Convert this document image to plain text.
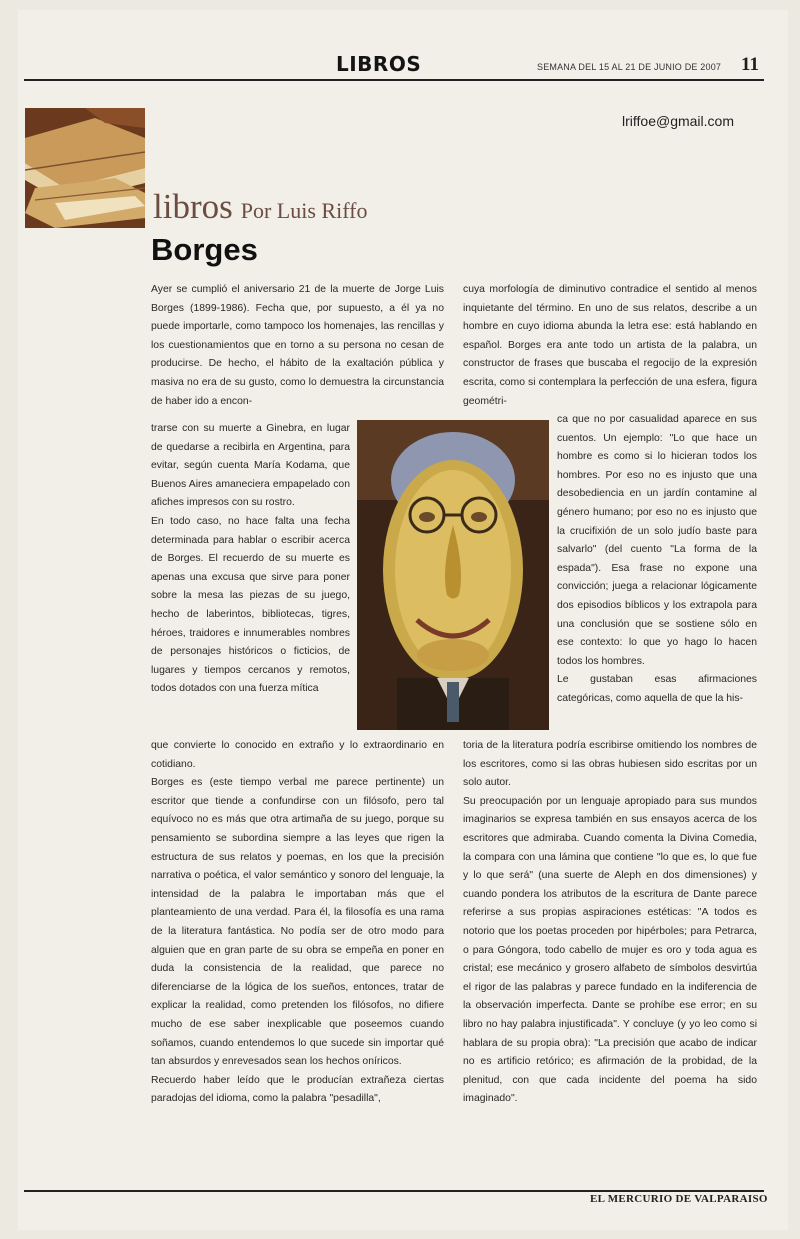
LIBROS	SEMANA DEL 15 AL 21 DE JUNIO DE 2007 11
lriffoe@gmail.com
libros Por Luis Riffo
Borges

Ayer se cumplió el aniversario 21 de la muerte de Jorge Luis Borges (1899-1986). Fecha que, por supuesto, a él ya no puede importarle, como tampoco los homenajes, las rencillas y los cuestionamientos que en torno a su persona no cesan de producirse. De hecho, el hábito de la exaltación pública y masiva no era de su gusto, como lo demuestra la circunstancia de haber ido a encon-

trarse con su muerte a Ginebra, en lugar de quedarse a recibirla en Argentina, para evitar, según cuenta María Kodama, que Buenos Aires amaneciera empapelado con afiches impresos con su rostro.

En todo caso, no hace falta una fecha determinada para hablar o escribir acerca de Borges. El recuerdo de su muerte es apenas una excusa que sirve para poner sobre la mesa las piezas de su juego, hecho de laberintos, bibliotecas, tigres, héroes, traidores e innumerables nombres de personajes históricos o ficticios, de lugares y tiempos cercanos y remotos, todos dotados con una fuerza mítica

que convierte lo conocido en extraño y lo extraordinario en cotidiano.

Borges es (este tiempo verbal me parece pertinente) un escritor que tiende a confundirse con un filósofo, pero tal equívoco no es más que otra artimaña de su juego, porque su pensamiento se subordina siempre a las leyes que rigen la estructura de sus relatos y poemas, en los que la precisión narrativa o poética, el valor semántico y sonoro del lenguaje, la intensidad de la palabra le importaban más que el planteamiento de una verdad. Para él, la filosofía es una rama de la literatura fantástica. No podía ser de otro modo para alguien que en gran parte de su obra se empeña en poner en duda la consistencia de la realidad, que parece no diferenciarse de la lógica de los sueños, entonces, tratar de explicar la realidad, como pretenden los filósofos, no difiere mucho de ese saber inexplicable que poseemos cuando soñamos, cuando entendemos lo que sucede sin importar qué tan absurdos y enrevesados sean los hechos oníricos.

Recuerdo haber leído que le producían extrañeza ciertas paradojas del idioma, como la palabra "pesadilla",

cuya morfología de diminutivo contradice el sentido al menos inquietante del término. En uno de sus relatos, describe a un hombre en cuyo idioma abunda la letra ese: está hablando en español. Borges era ante todo un artista de la palabra, un constructor de frases que buscaba el regocijo de la expresión escrita, como si contemplara la perfección de una esfera, figura geométri-

ca que no por casualidad aparece en sus cuentos. Un ejemplo: "Lo que hace un hombre es como si lo hicieran todos los hombres. Por eso no es injusto que una desobediencia en un jardín contamine al género humano; por eso no es injusto que la crucifixión de un solo judío baste para salvarlo" (del cuento "La forma de la espada"). Esa frase no expone una convicción; juega a relacionar lógicamente dos episodios bíblicos y los extrapola para una conclusión que se sostiene sólo en ese contexto: lo que yo hago lo hacen todos los hombres.

Le gustaban esas afirmaciones categóricas, como aquella de que la his-

toria de la literatura podría escribirse omitiendo los nombres de los escritores, como si las obras hubiesen sido escritas por un solo autor.

Su preocupación por un lenguaje apropiado para sus mundos imaginarios se expresa también en sus ensayos acerca de los escritores que admiraba. Cuando comenta la Divina Comedia, la compara con una lámina que contiene "lo que es, lo que fue y lo que será" (una suerte de Aleph en dos dimensiones) y cuando pondera los atributos de la escritura de Dante parece referirse a sus propias aspiraciones estéticas: "A todos es notorio que los poetas proceden por hipérboles; para Petrarca, o para Góngora, todo cabello de mujer es oro y toda agua es cristal; ese mecánico y grosero alfabeto de símbolos desvirtúa el rigor de las palabras y parece fundado en la indiferencia de la observación imperfecta. Dante se prohíbe ese error; en su libro no hay palabra injustificada". Y concluye (y yo leo como si hablara de su propia obra): "La precisión que acabo de indicar no es artificio retórico; es afirmación de la probidad, de la plenitud, con que cada incidente del poema ha sido imaginado".

EL MERCURIO DE VALPARAISO
